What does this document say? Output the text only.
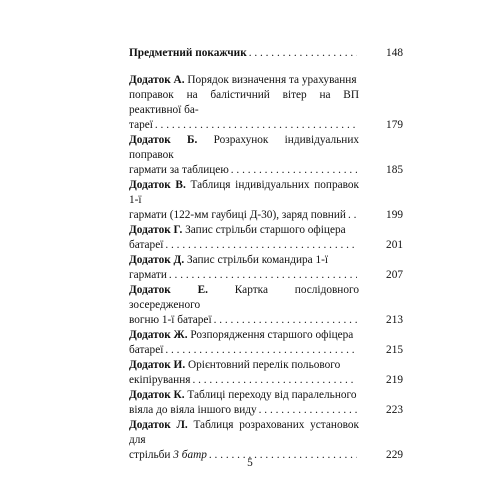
Предметний покажчик . . .	148
Додаток А. Порядок визначення та урахування
поправок на балістичний вітер на ВП реактивної ба-
тареї . . .	179
Додаток Б. Розрахунок індивідуальних поправок
гармати за таблицею . . .	185
Додаток В. Таблиця індивідуальних поправок 1-ї
гармати (122-мм гаубиці Д-30), заряд повний . . .	199
Додаток Г. Запис стрільби старшого офіцера
батареї . . .	201
Додаток Д. Запис стрільби командира 1-ї
гармати . . .	207
Додаток Е. Картка послідовного зосередженого
вогню 1-ї батареї . . .	213
Додаток Ж. Розпорядження старшого офіцера
батареї . . .	215
Додаток И. Орієнтовний перелік польового
екіпірування . . .	219
Додаток К. Таблиці переходу від паралельного
віяла до віяла іншого виду . . .	223
Додаток Л. Таблиця розрахованих установок для
стрільби 3 батр . . .	229
5
